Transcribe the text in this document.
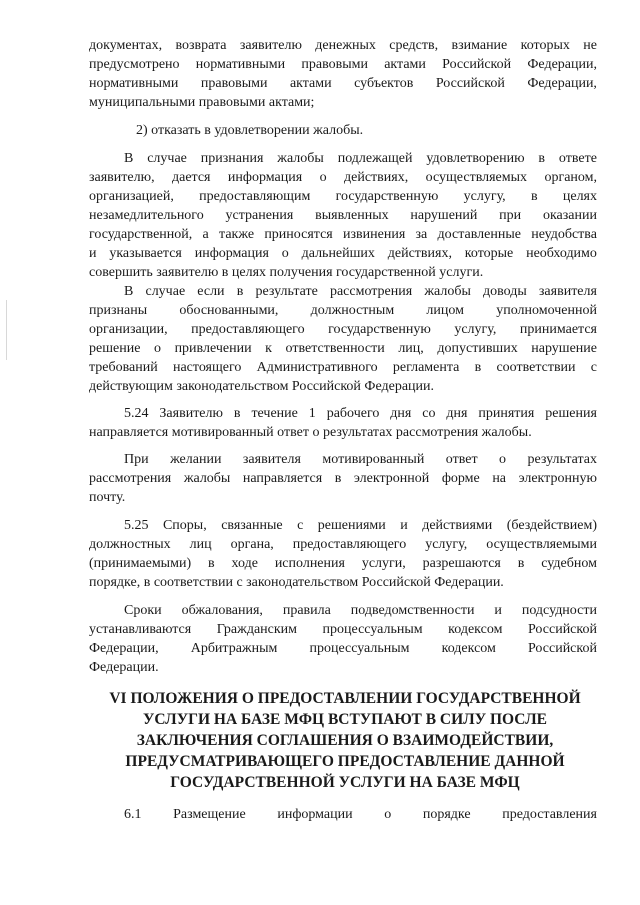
документах, возврата заявителю денежных средств, взимание которых не
предусмотрено нормативными правовыми актами Российской Федерации,
нормативными правовыми актами субъектов Российской Федерации,
муниципальными правовыми актами;
2) отказать в удовлетворении жалобы.
В случае признания жалобы подлежащей удовлетворению в ответе
заявителю, дается информация о действиях, осуществляемых органом,
организацией, предоставляющим государственную услугу, в целях
незамедлительного устранения выявленных нарушений при оказании
государственной, а также приносятся извинения за доставленные неудобства
и указывается информация о дальнейших действиях, которые необходимо
совершить заявителю в целях получения государственной услуги.
В случае если в результате рассмотрения жалобы доводы заявителя
признаны обоснованными, должностным лицом уполномоченной
организации, предоставляющего государственную услугу, принимается
решение о привлечении к ответственности лиц, допустивших нарушение
требований настоящего Административного регламента в соответствии с
действующим законодательством Российской Федерации.
5.24 Заявителю в течение 1 рабочего дня со дня принятия решения
направляется мотивированный ответ о результатах рассмотрения жалобы.
При желании заявителя мотивированный ответ о результатах
рассмотрения жалобы направляется в электронной форме на электронную
почту.
5.25 Споры, связанные с решениями и действиями (бездействием)
должностных лиц органа, предоставляющего услугу, осуществляемыми
(принимаемыми) в ходе исполнения услуги, разрешаются в судебном
порядке, в соответствии с законодательством Российской Федерации.
Сроки обжалования, правила подведомственности и подсудности
устанавливаются Гражданским процессуальным кодексом Российской
Федерации, Арбитражным процессуальным кодексом Российской
Федерации.
VI ПОЛОЖЕНИЯ О ПРЕДОСТАВЛЕНИИ ГОСУДАРСТВЕННОЙ
УСЛУГИ НА БАЗЕ МФЦ ВСТУПАЮТ В СИЛУ ПОСЛЕ
ЗАКЛЮЧЕНИЯ СОГЛАШЕНИЯ О ВЗАИМОДЕЙСТВИИ,
ПРЕДУСМАТРИВАЮЩЕГО ПРЕДОСТАВЛЕНИЕ ДАННОЙ
ГОСУДАРСТВЕННОЙ УСЛУГИ НА БАЗЕ МФЦ
6.1 Размещение информации о порядке предоставления
